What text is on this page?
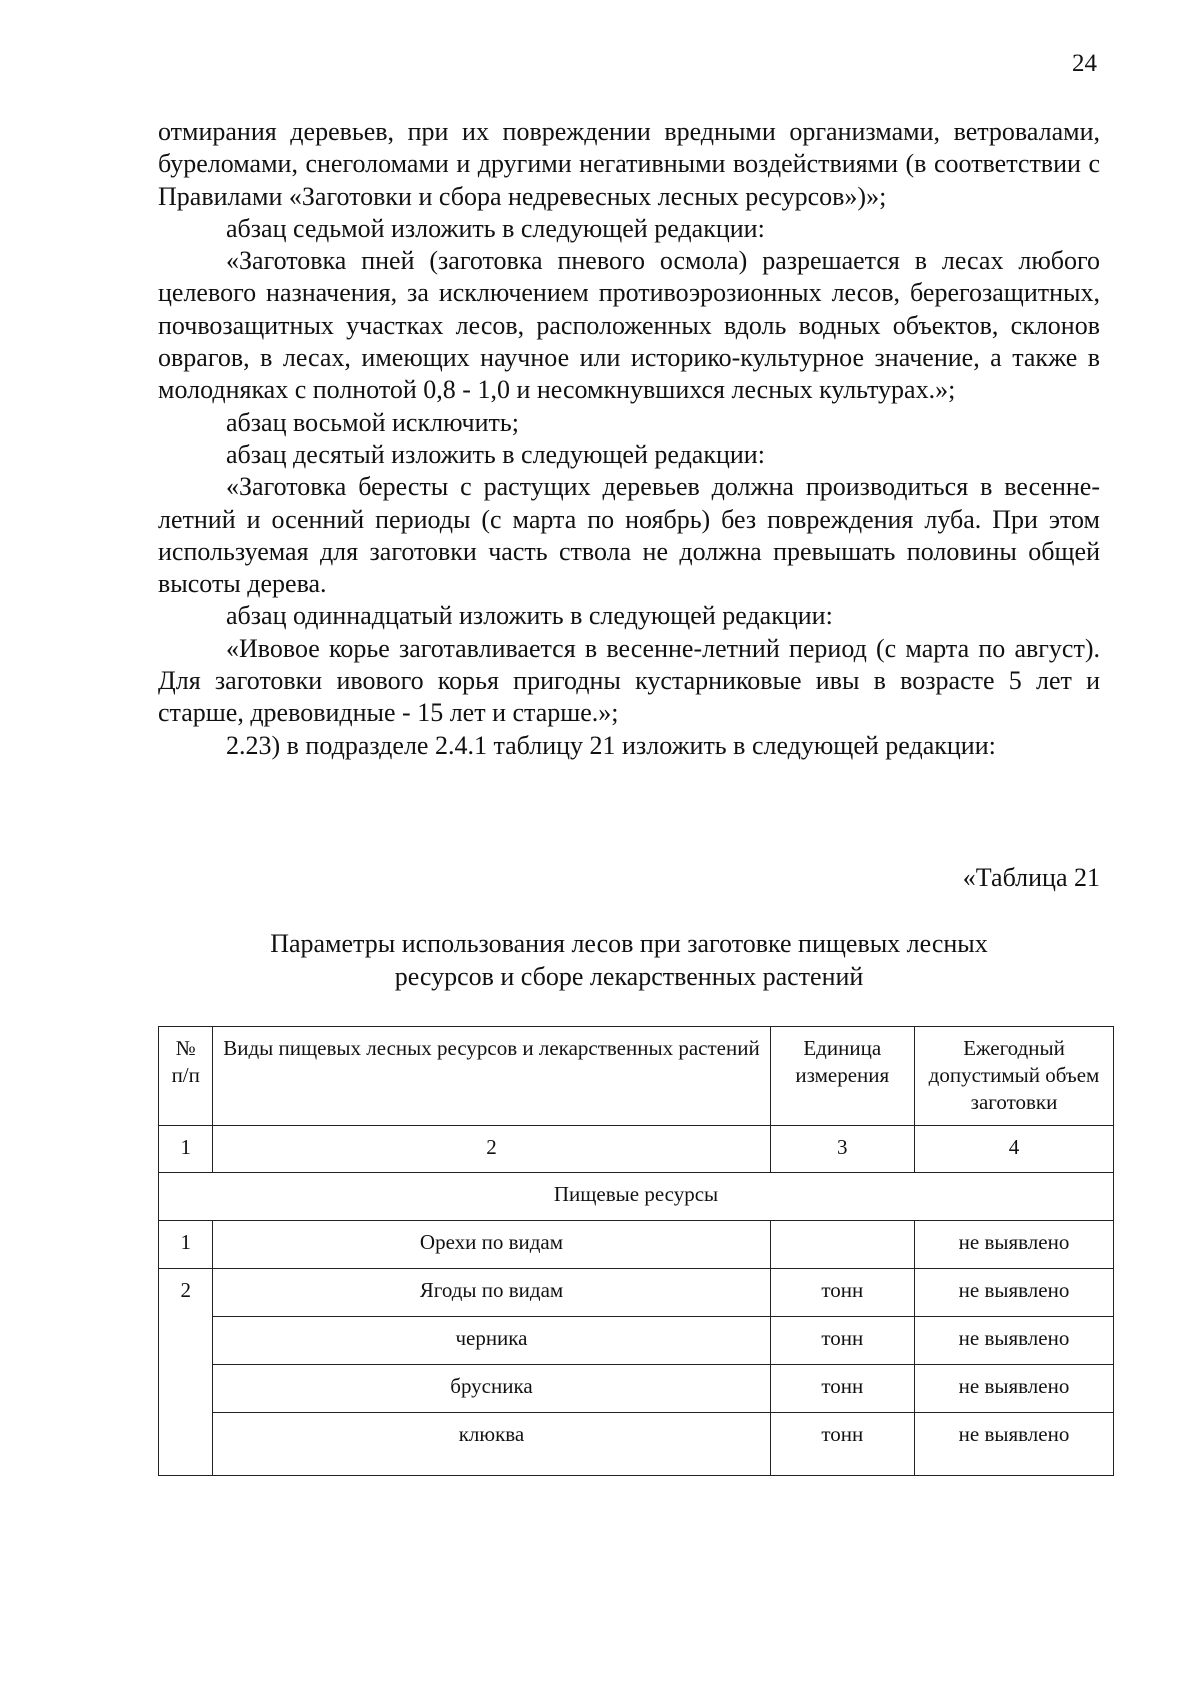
24

отмирания деревьев, при их повреждении вредными организмами, ветровалами, буреломами, снеголомами и другими негативными воздействиями (в соответствии с Правилами «Заготовки и сбора недревесных лесных ресурсов»)»;

абзац седьмой изложить в следующей редакции:

«Заготовка пней (заготовка пневого осмола) разрешается в лесах любого целевого назначения, за исключением противоэрозионных лесов, берегозащитных, почвозащитных участках лесов, расположенных вдоль водных объектов, склонов оврагов, в лесах, имеющих научное или историко-культурное значение, а также в молодняках с полнотой 0,8 - 1,0 и несомкнувшихся лесных культурах.»;

абзац восьмой исключить;

абзац десятый изложить в следующей редакции:

«Заготовка бересты с растущих деревьев должна производиться в весенне-летний и осенний периоды (с марта по ноябрь) без повреждения луба. При этом используемая для заготовки часть ствола не должна превышать половины общей высоты дерева.

абзац одиннадцатый изложить в следующей редакции:

«Ивовое корье заготавливается в весенне-летний период (с марта по август). Для заготовки ивового корья пригодны кустарниковые ивы в возрасте 5 лет и старше, древовидные - 15 лет и старше.»;

2.23) в подразделе 2.4.1 таблицу 21 изложить в следующей редакции:

«Таблица 21
Параметры использования лесов при заготовке пищевых лесных
ресурсов и сборе лекарственных растений
№ п/п	Виды пищевых лесных ресурсов и лекарственных растений	Единица измерения	Ежегодный допустимый объем заготовки
1	2	3	4
Пищевые ресурсы			
1	Орехи по видам		не выявлено
2	Ягоды по видам	тонн	не выявлено
	черника	тонн	не выявлено
	брусника	тонн	не выявлено
	клюква	тонн	не выявлено
